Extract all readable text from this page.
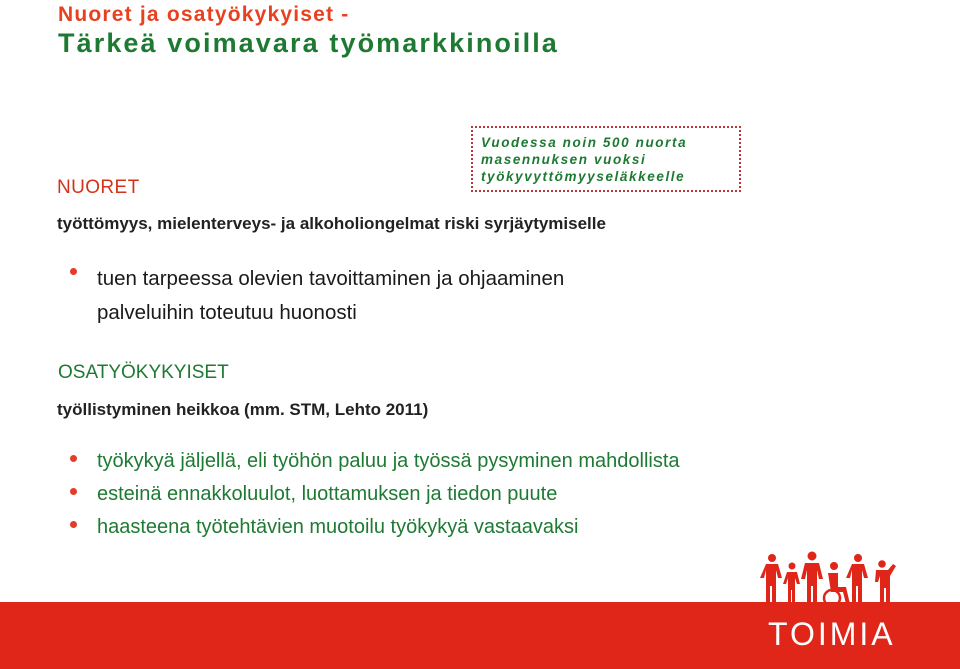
Nuoret ja osatyökykyiset -
Tärkeä voimavara työmarkkinoilla
Vuodessa noin 500 nuorta
masennuksen vuoksi
työkyvyttömyyseläkkeelle
NUORET
työttömyys, mielenterveys- ja alkoholiongelmat riski syrjäytymiselle
tuen tarpeessa olevien tavoittaminen ja ohjaaminen
palveluihin toteutuu huonosti
OSATYÖKYKYISET
työllistyminen heikkoa (mm. STM, Lehto 2011)
työkykyä jäljellä, eli työhön paluu ja työssä pysyminen mahdollista
esteinä ennakkoluulot, luottamuksen ja tiedon puute
haasteena työtehtävien muotoilu työkykyä vastaavaksi
TOIMIA
